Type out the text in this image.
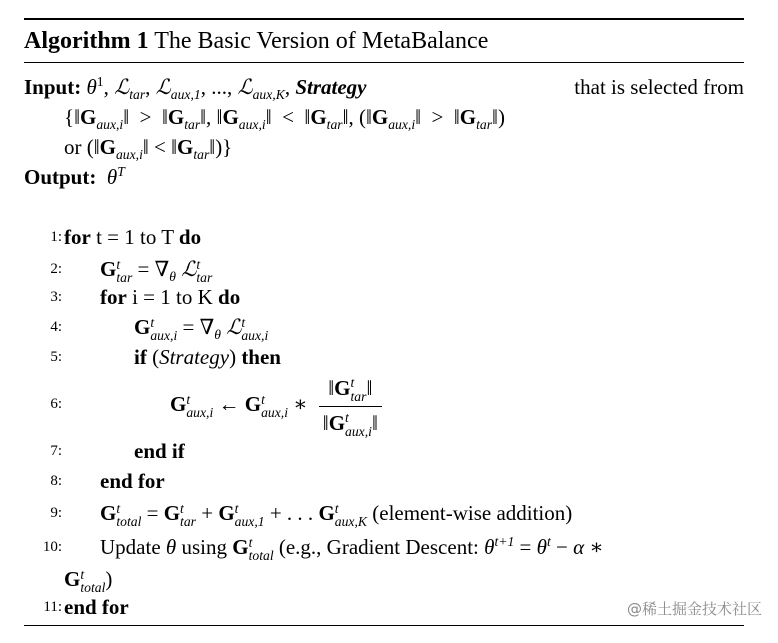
Algorithm 1 The Basic Version of MetaBalance
Input: $\theta^1$, ℒ$_{tar}$, ℒ$_{aux,1}$, ..., ℒ$_{aux,K}$, Strategy	that is selected from
{$‖G_{aux,i}‖$  >  $‖G_{tar}‖$, $‖G_{aux,i}‖$  <  $‖G_{tar}‖$, ($‖G_{aux,i}‖$  >  $‖G_{tar}‖$)
or ($‖G_{aux,i}‖$ < $‖G_{tar}‖$)}
Output: $\theta^T$
1: for t = 1 to T do
2: G t
tar = $\nabla_\theta$ ℒ t
tar
3: for i = 1 to K do
4:	G t
$aux,i = \nabla_\theta$ ℒ t
aux,i
5:	if (Strategy) then
6:	G t
aux,i ← G t
aux,i ∗ ‖G t
tar ‖
‖G t
aux,i ‖
7:	end if
8: end for
9: G t
total = G t
tar + G t
aux,1 + . . . G t
aux,K (element-wise addition)
10: Update θ using G t
total (e.g., Gradient Descent: $\theta^{t+1} = \theta^t - \alpha$ ∗
G t
total )
11: end for	@稀土掘金技术社区
